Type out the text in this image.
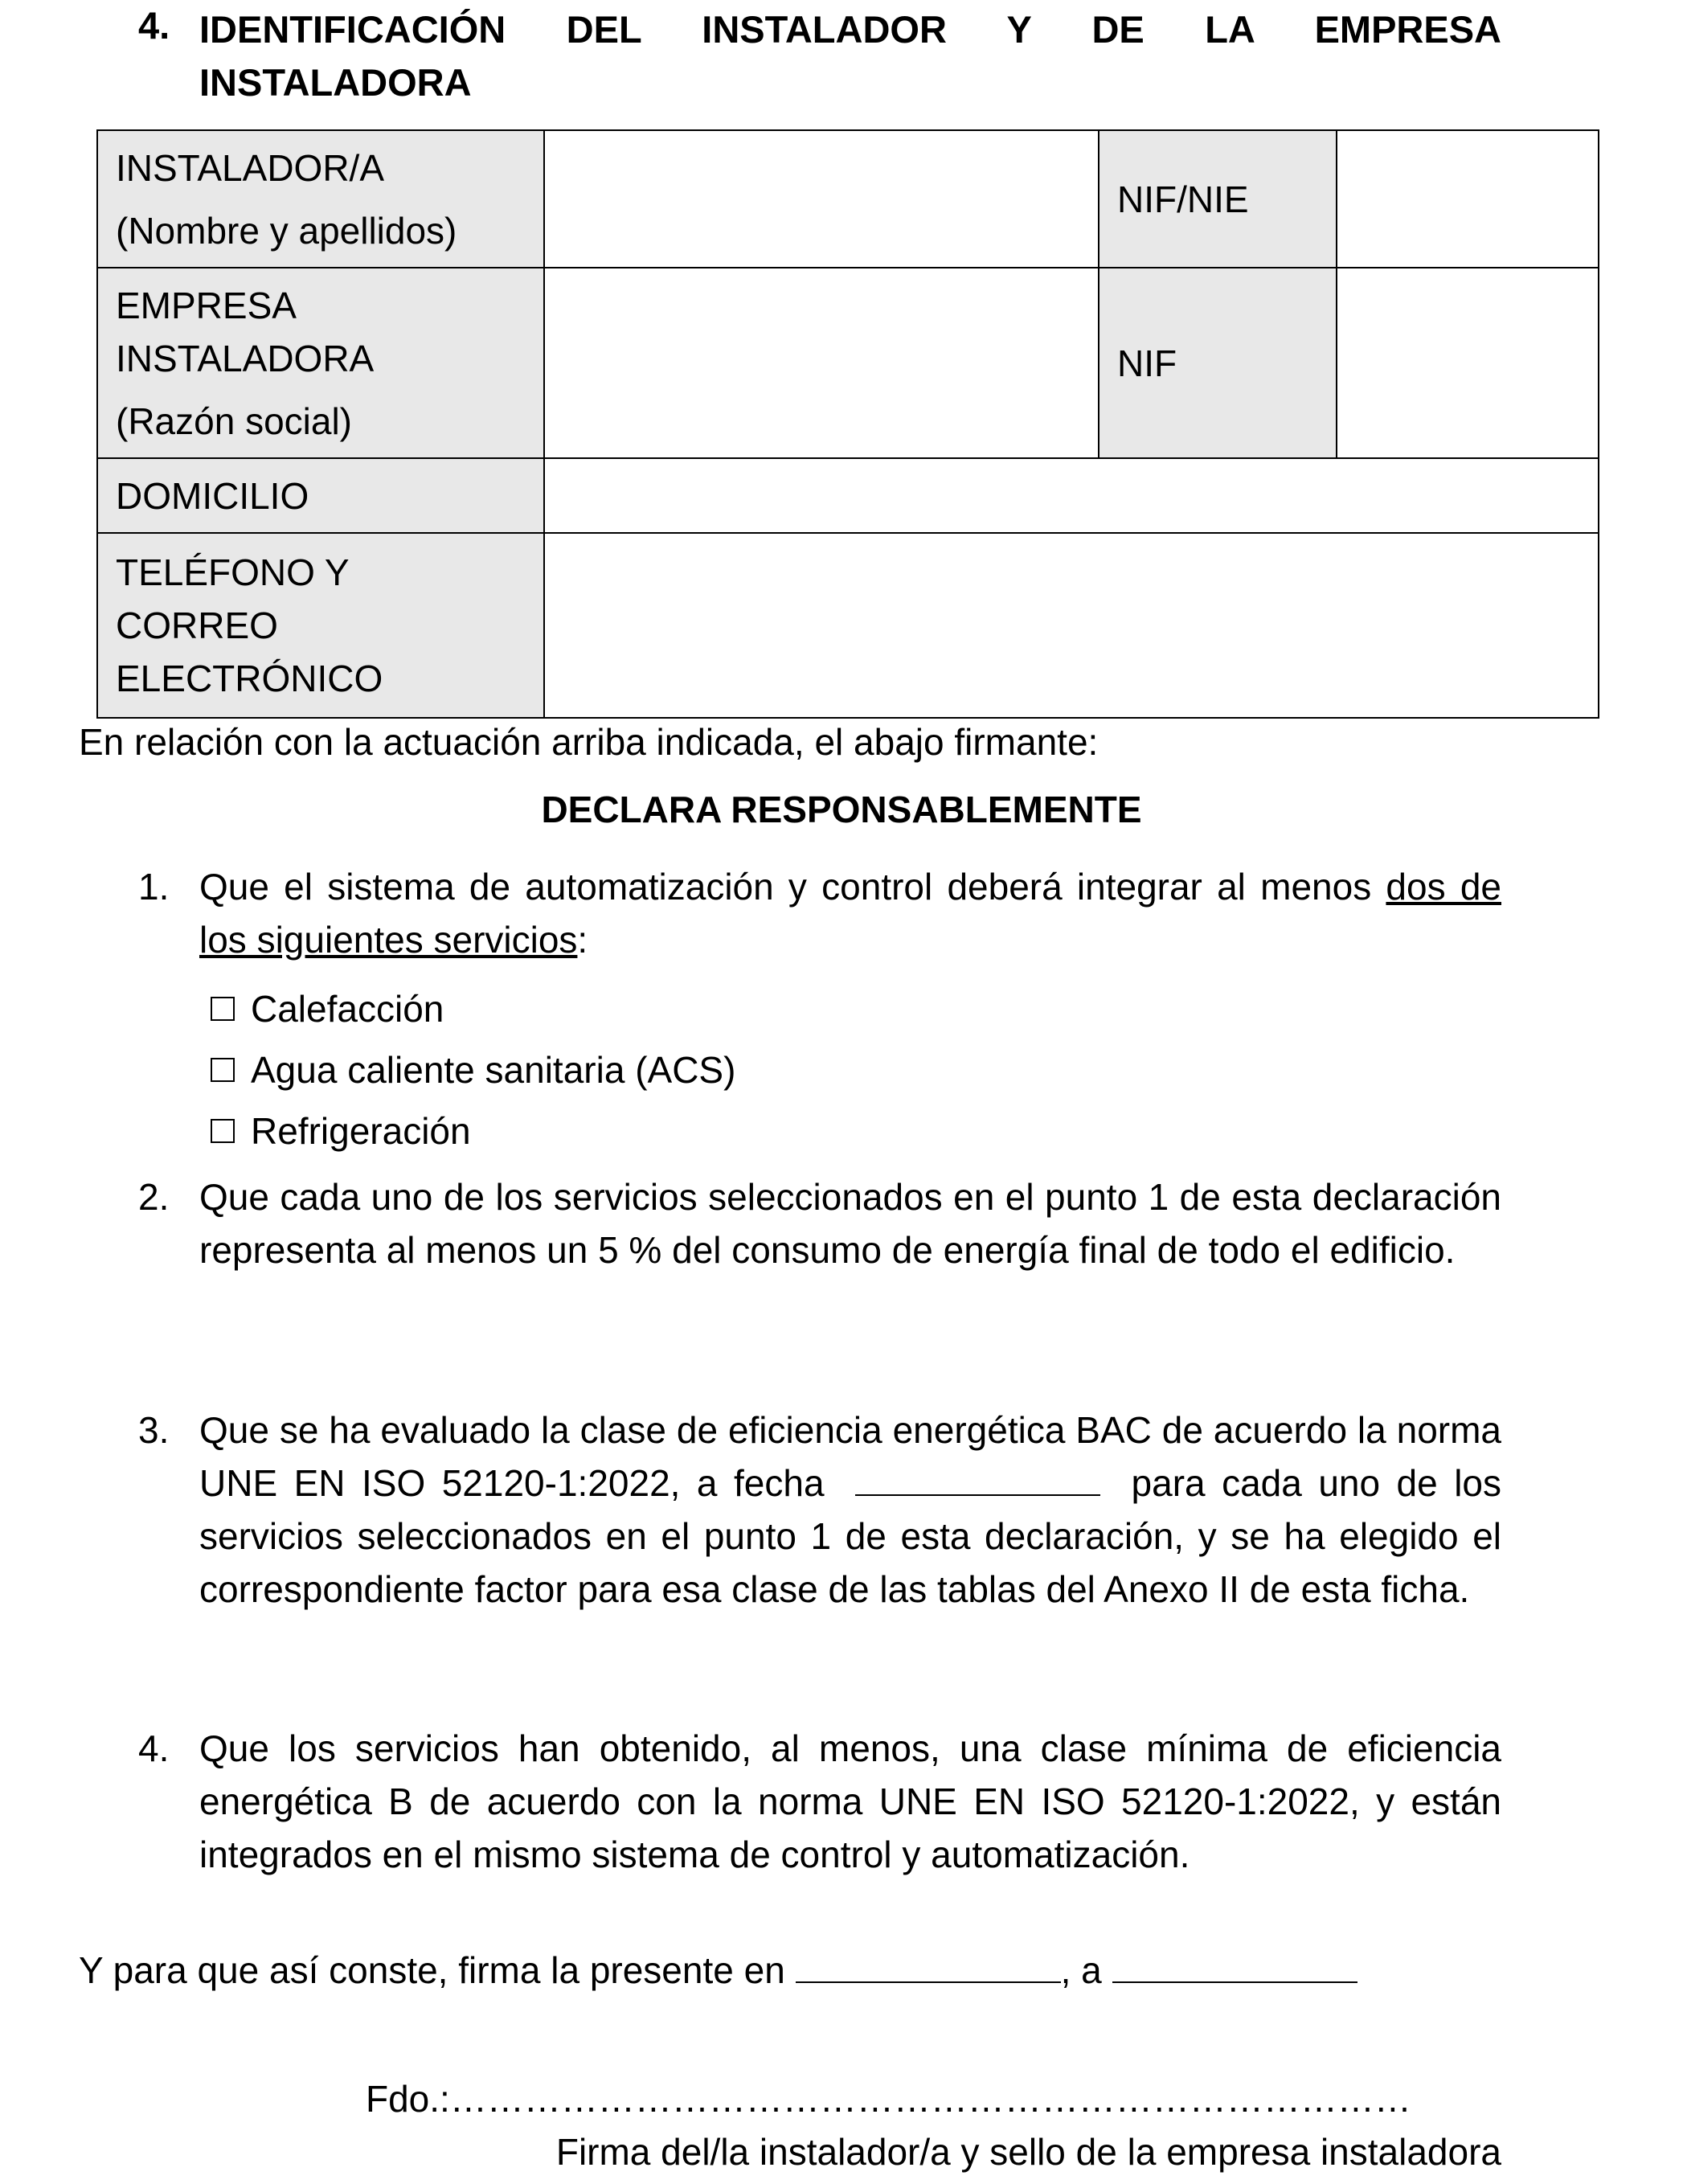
4. IDENTIFICACIÓN DEL INSTALADOR Y DE LA EMPRESA
INSTALADORA
INSTALADOR/A
(Nombre y apellidos)		NIF/NIE	

EMPRESA
INSTALADORA
(Razón social)		NIF	
DOMICILIO			

TELÉFONO Y
CORREO
ELECTRÓNICO			

En relación con la actuación arriba indicada, el abajo firmante:
DECLARA RESPONSABLEMENTE
1. Que el sistema de automatización y control deberá integrar al menos dos de los siguientes servicios:
Calefacción
Agua caliente sanitaria (ACS)
Refrigeración
2. Que cada uno de los servicios seleccionados en el punto 1 de esta declaración representa al menos un 5 % del consumo de energía final de todo el edificio.
3. Que se ha evaluado la clase de eficiencia energética BAC de acuerdo la norma UNE EN ISO 52120-1:2022, a fecha	para cada uno de los servicios seleccionados en el punto 1 de esta declaración, y se ha elegido el correspondiente factor para esa clase de las tablas del Anexo II de esta ficha.
4. Que los servicios han obtenido, al menos, una clase mínima de eficiencia energética B de acuerdo con la norma UNE EN ISO 52120-1:2022, y están integrados en el mismo sistema de control y automatización.
Y para que así conste, firma la presente en	, a
Fdo.:……………………………………………………………………
Firma del/la instalador/a y sello de la empresa instaladora
